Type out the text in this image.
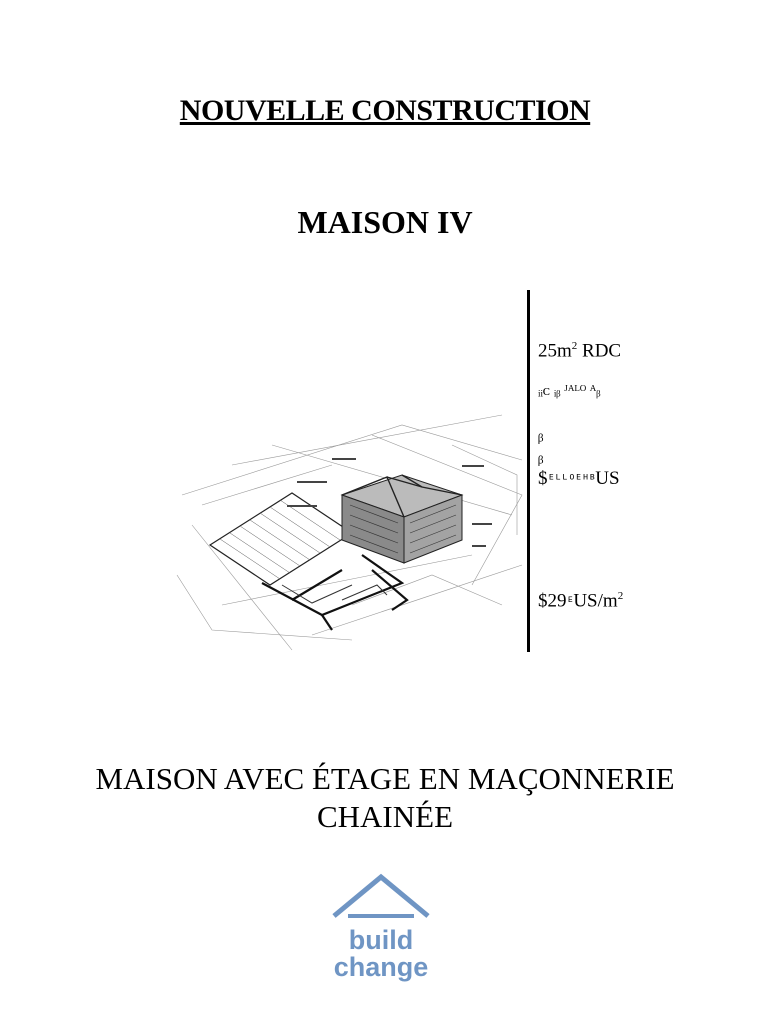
NOUVELLE CONSTRUCTION
MAISON IV
$25m^2$ RDC
ᵢᵢᴄ ᵢᵦ ᴶᴬᴸᴼ ᴬᵦ
ᵦ
ᵦ
$ᴱᴸᴸᴼᴱᴴᴮUS
$\$29ᴱUS/m^2$
MAISON AVEC ÉTAGE EN MAÇONNERIE
CHAINÉE
build
change
